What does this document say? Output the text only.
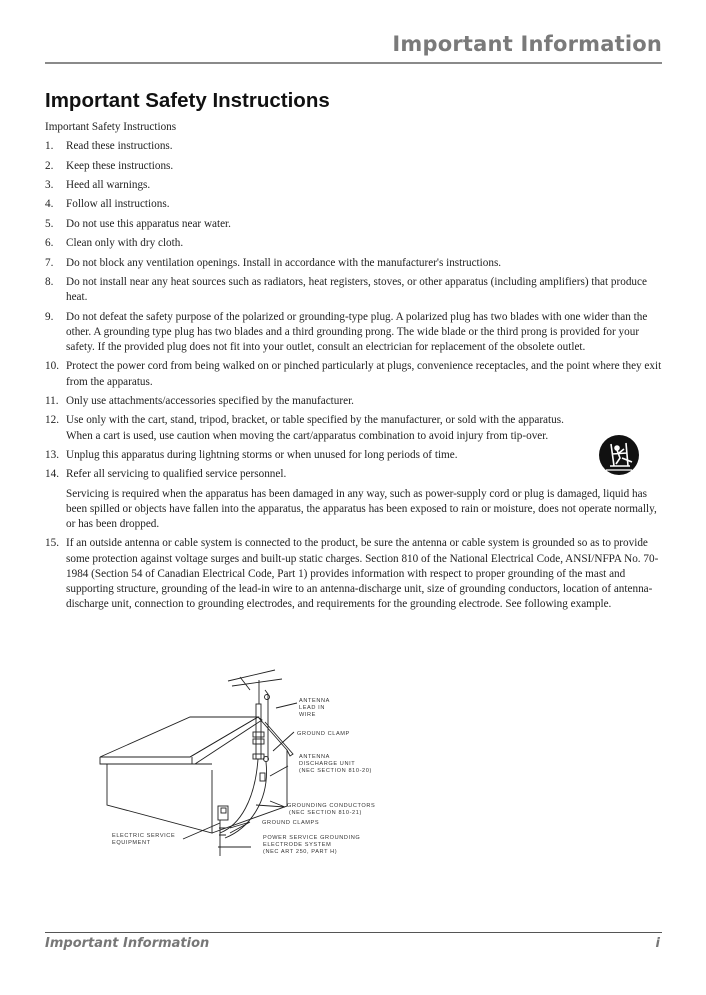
Important Information
Important Safety Instructions

Important Safety Instructions

1. Read these instructions.

2. Keep these instructions.

3. Heed all warnings.

4. Follow all instructions.

5. Do not use this apparatus near water.

6. Clean only with dry cloth.

7. Do not block any ventilation openings. Install in accordance with the manufacturer's instructions.

8. Do not install near any heat sources such as radiators, heat registers, stoves, or other apparatus (including amplifiers) that produce heat.

9. Do not defeat the safety purpose of the polarized or grounding-type plug. A polarized plug has two blades with one wider than the other. A grounding type plug has two blades and a third grounding prong. The wide blade or the third prong is provided for your safety. If the provided plug does not fit into your outlet, consult an electrician for replacement of the obsolete outlet.

10. Protect the power cord from being walked on or pinched particularly at plugs, convenience receptacles, and the point where they exit from the apparatus.

11. Only use attachments/accessories specified by the manufacturer.

12. Use only with the cart, stand, tripod, bracket, or table specified by the manufacturer, or sold with the apparatus. When a cart is used, use caution when moving the cart/apparatus combination to avoid injury from tip-over.

13. Unplug this apparatus during lightning storms or when unused for long periods of time.

14. Refer all servicing to qualified service personnel.

Servicing is required when the apparatus has been damaged in any way, such as power-supply cord or plug is damaged, liquid has been spilled or objects have fallen into the apparatus, the apparatus has been exposed to rain or moisture, does not operate normally, or has been dropped.

15. If an outside antenna or cable system is connected to the product, be sure the antenna or cable system is grounded so as to provide some protection against voltage surges and built-up static charges. Section 810 of the National Electrical Code, ANSI/NFPA No. 70-1984 (Section 54 of Canadian Electrical Code, Part 1) provides information with respect to proper grounding of the mast and supporting structure, grounding of the lead-in wire to an antenna-discharge unit, size of grounding conductors, location of antenna-discharge unit, connection to grounding electrodes, and requirements for the grounding electrode. See following example.

ANTENNA
LEAD IN
WIRE
GROUND CLAMP
ANTENNA
DISCHARGE UNIT
(NEC SECTION 810-20)
GROUNDING CONDUCTORS
(NEC SECTION 810-21)
GROUND CLAMPS
ELECTRIC SERVICE
EQUIPMENT
POWER SERVICE GROUNDING
ELECTRODE SYSTEM
(NEC ART 250, PART H)
Important Information	i
